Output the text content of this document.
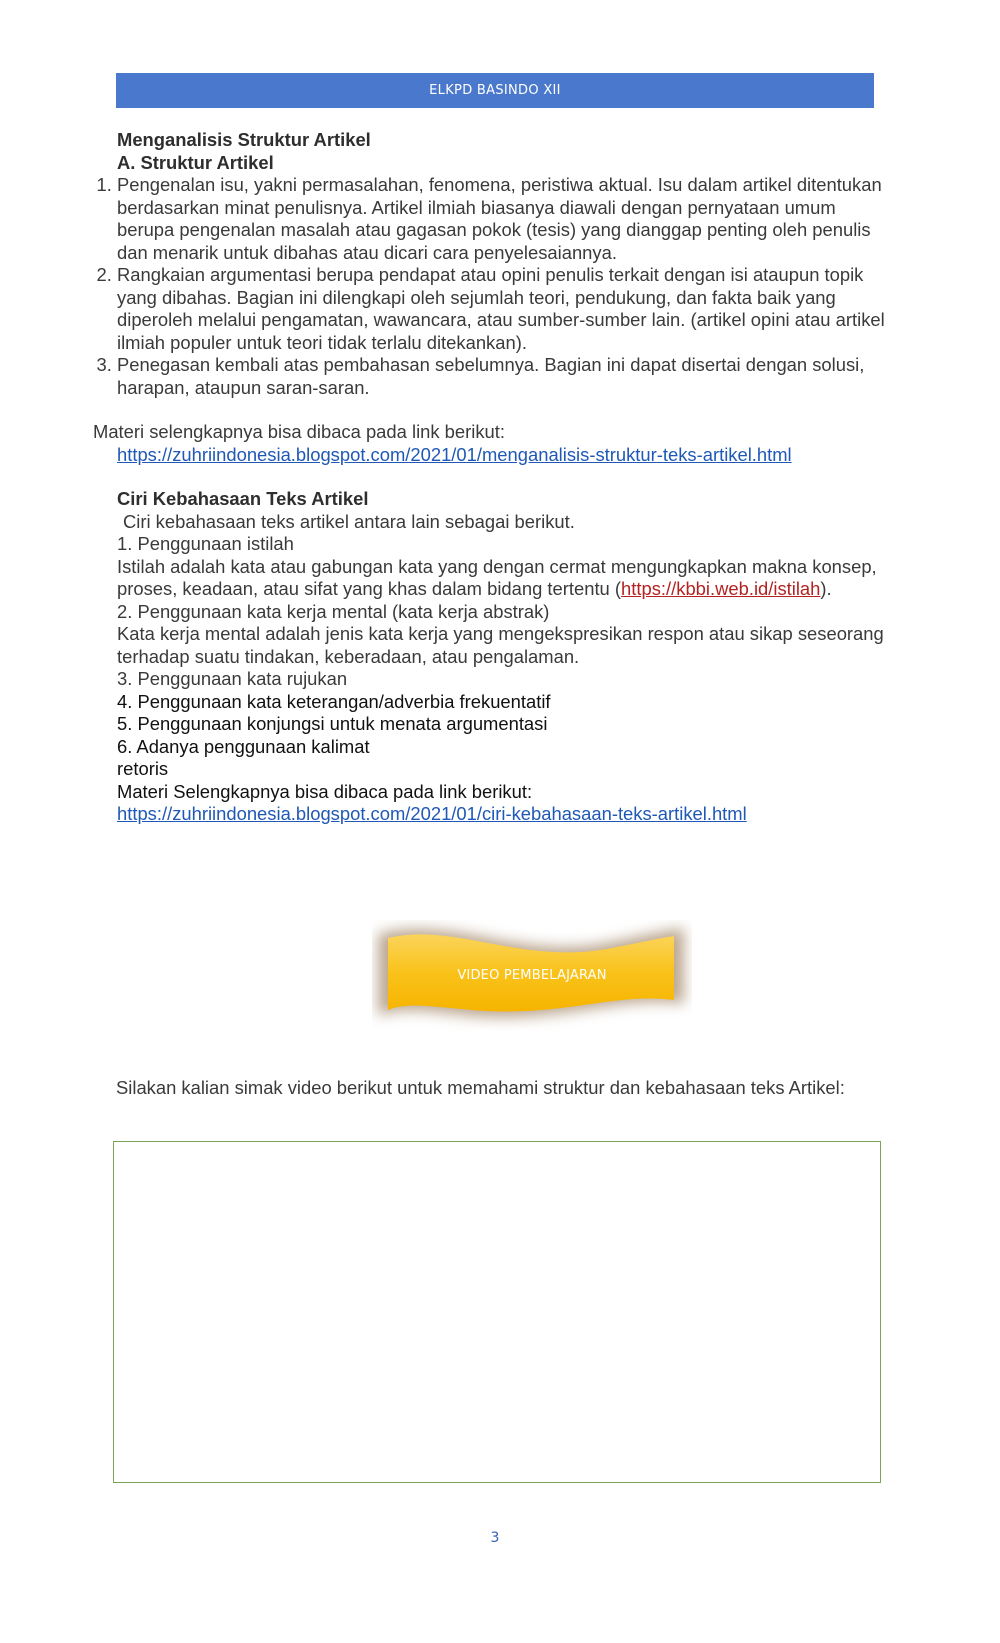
ELKPD BASINDO XII

Menganalisis Struktur Artikel

A. Struktur Artikel

1. Pengenalan isu, yakni permasalahan, fenomena, peristiwa aktual. Isu dalam artikel ditentukan berdasarkan minat penulisnya. Artikel ilmiah biasanya diawali dengan pernyataan umum berupa pengenalan masalah atau gagasan pokok (tesis) yang dianggap penting oleh penulis dan menarik untuk dibahas atau dicari cara penyelesaiannya.
2. Rangkaian argumentasi berupa pendapat atau opini penulis terkait dengan isi ataupun topik yang dibahas. Bagian ini dilengkapi oleh sejumlah teori, pendukung, dan fakta baik yang diperoleh melalui pengamatan, wawancara, atau sumber-sumber lain. (artikel opini atau artikel ilmiah populer untuk teori tidak terlalu ditekankan).
3. Penegasan kembali atas pembahasan sebelumnya. Bagian ini dapat disertai dengan solusi, harapan, ataupun saran-saran.

Materi selengkapnya bisa dibaca pada link berikut:

https://zuhriindonesia.blogspot.com/2021/01/menganalisis-struktur-teks-artikel.html

Ciri Kebahasaan Teks Artikel

Ciri kebahasaan teks artikel antara lain sebagai berikut.

1. Penggunaan istilah

Istilah adalah kata atau gabungan kata yang dengan cermat mengungkapkan makna konsep, proses, keadaan, atau sifat yang khas dalam bidang tertentu (https://kbbi.web.id/istilah).

2. Penggunaan kata kerja mental (kata kerja abstrak)

Kata kerja mental adalah jenis kata kerja yang mengekspresikan respon atau sikap seseorang terhadap suatu tindakan, keberadaan, atau pengalaman.

3. Penggunaan kata rujukan

4. Penggunaan kata keterangan/adverbia frekuentatif

5. Penggunaan konjungsi untuk menata argumentasi

6. Adanya penggunaan kalimat

retoris

Materi Selengkapnya bisa dibaca pada link berikut:

https://zuhriindonesia.blogspot.com/2021/01/ciri-kebahasaan-teks-artikel.html

VIDEO PEMBELAJARAN
Silakan kalian simak video berikut untuk memahami struktur dan kebahasaan teks Artikel:
3
